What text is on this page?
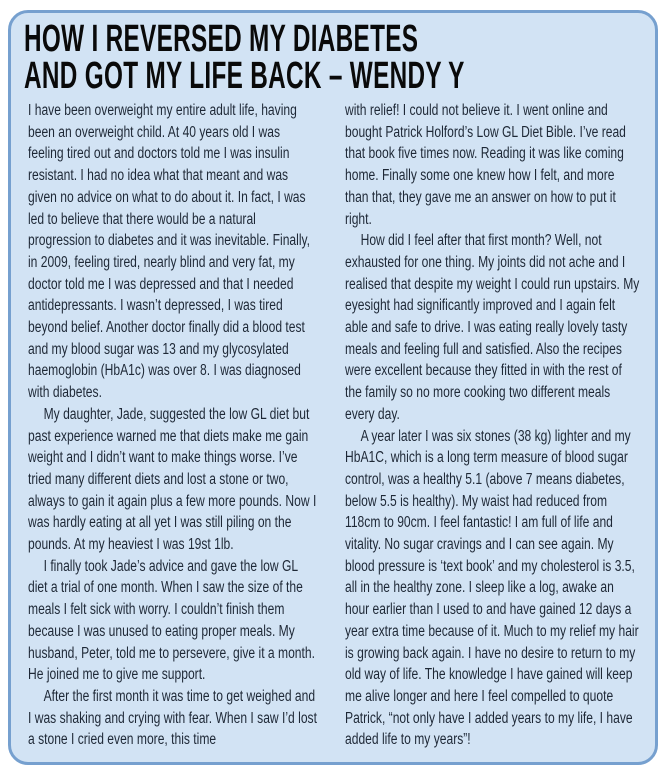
HOW I REVERSED MY DIABETES
AND GOT MY LIFE BACK – WENDY Y

I have been overweight my entire adult life, having been an overweight child. At 40 years old I was feeling tired out and doctors told me I was insulin resistant. I had no idea what that meant and was given no advice on what to do about it. In fact, I was led to believe that there would be a natural progression to diabetes and it was inevitable. Finally, in 2009, feeling tired, nearly blind and very fat, my doctor told me I was depressed and that I needed antidepressants. I wasn’t depressed, I was tired beyond belief. Another doctor finally did a blood test and my blood sugar was 13 and my glycosylated haemoglobin (HbA1c) was over 8. I was diagnosed with diabetes.

My daughter, Jade, suggested the low GL diet but past experience warned me that diets make me gain weight and I didn’t want to make things worse. I’ve tried many different diets and lost a stone or two, always to gain it again plus a few more pounds. Now I was hardly eating at all yet I was still piling on the pounds. At my heaviest I was 19st 1lb.

I finally took Jade’s advice and gave the low GL diet a trial of one month. When I saw the size of the meals I felt sick with worry. I couldn’t finish them because I was unused to eating proper meals. My husband, Peter, told me to persevere, give it a month. He joined me to give me support.

After the first month it was time to get weighed and I was shaking and crying with fear. When I saw I’d lost a stone I cried even more, this time

with relief! I could not believe it. I went online and bought Patrick Holford’s Low GL Diet Bible. I’ve read that book five times now. Reading it was like coming home. Finally some one knew how I felt, and more than that, they gave me an answer on how to put it right.

How did I feel after that first month? Well, not exhausted for one thing. My joints did not ache and I realised that despite my weight I could run upstairs. My eyesight had significantly improved and I again felt able and safe to drive. I was eating really lovely tasty meals and feeling full and satisfied. Also the recipes were excellent because they fitted in with the rest of the family so no more cooking two different meals every day.

A year later I was six stones (38 kg) lighter and my HbA1C, which is a long term measure of blood sugar control, was a healthy 5.1 (above 7 means diabetes, below 5.5 is healthy). My waist had reduced from 118cm to 90cm. I feel fantastic! I am full of life and vitality. No sugar cravings and I can see again. My blood pressure is ‘text book’ and my cholesterol is 3.5, all in the healthy zone. I sleep like a log, awake an hour earlier than I used to and have gained 12 days a year extra time because of it. Much to my relief my hair is growing back again. I have no desire to return to my old way of life. The knowledge I have gained will keep me alive longer and here I feel compelled to quote Patrick, “not only have I added years to my life, I have added life to my years”!
